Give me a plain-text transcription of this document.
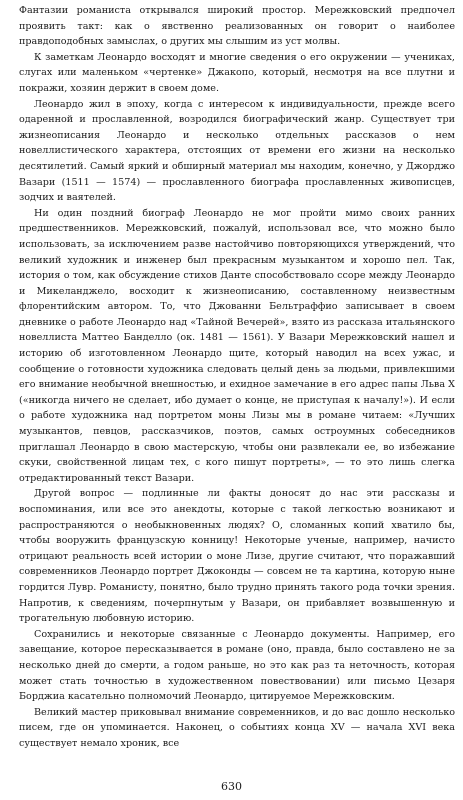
Фантазии романиста открывался широкий простор. Мережковский предпочел проявить такт: как о явственно реализованных он говорит о наиболее правдоподобных замыслах, о других мы слышим из уст молвы.

К заметкам Леонардо восходят и многие сведения о его окружении — учениках, слугах или маленьком «чертенке» Джакопо, который, несмотря на все плутни и покражи, хозяин держит в своем доме.

Леонардо жил в эпоху, когда с интересом к индивидуальности, прежде всего одаренной и прославленной, возродился биографический жанр. Существует три жизнеописания Леонардо и несколько отдельных рассказов о нем новеллистического характера, отстоящих от времени его жизни на несколько десятилетий. Самый яркий и обширный материал мы находим, конечно, у Джорджо Вазари (1511 — 1574) — прославленного биографа прославленных живописцев, зодчих и ваятелей.

Ни один поздний биограф Леонардо не мог пройти мимо своих ранних предшественников. Мережковский, пожалуй, использовал все, что можно было использовать, за исключением разве настойчиво повторяющихся утверждений, что великий художник и инженер был прекрасным музыкантом и хорошо пел. Так, история о том, как обсуждение стихов Данте способствовало ссоре между Леонардо и Микеланджело, восходит к жизнеописанию, составленному неизвестным флорентийским автором. То, что Джованни Бельтраффио записывает в своем дневнике о работе Леонардо над «Тайной Вечерей», взято из рассказа итальянского новеллиста Маттео Банделло (ок. 1481 — 1561). У Вазари Мережковский нашел и историю об изготовленном Леонардо щите, который наводил на всех ужас, и сообщение о готовности художника следовать целый день за людьми, привлекшими его внимание необычной внешностью, и ехидное замечание в его адрес папы Льва X («никогда ничего не сделает, ибо думает о конце, не приступая к началу!»). И если о работе художника над портретом моны Лизы мы в романе читаем: «Лучших музыкантов, певцов, рассказчиков, поэтов, самых остроумных собеседников приглашал Леонардо в свою мастерскую, чтобы они развлекали ее, во избежание скуки, свойственной лицам тех, с кого пишут портреты», — то это лишь слегка отредактированный текст Вазари.

Другой вопрос — подлинные ли факты доносят до нас эти рассказы и воспоминания, или все это анекдоты, которые с такой легкостью возникают и распространяются о необыкновенных людях? О, сломанных копий хватило бы, чтобы вооружить французскую конницу! Некоторые ученые, например, начисто отрицают реальность всей истории о моне Лизе, другие считают, что поражавший современников Леонардо портрет Джоконды — совсем не та картина, которую ныне гордится Лувр. Романисту, понятно, было трудно принять такого рода точки зрения. Напротив, к сведениям, почерпнутым у Вазари, он прибавляет возвышенную и трогательную любовную историю.

Сохранились и некоторые связанные с Леонардо документы. Например, его завещание, которое пересказывается в романе (оно, правда, было составлено не за несколько дней до смерти, а годом раньше, но это как раз та неточность, которая может стать точностью в художественном повествовании) или письмо Цезаря Борджиа касательно полномочий Леонардо, цитируемое Мережковским.

Великий мастер приковывал внимание современников, и до вас дошло несколько писем, где он упоминается. Наконец, о событиях конца XV — начала XVI века существует немало хроник, все

630
